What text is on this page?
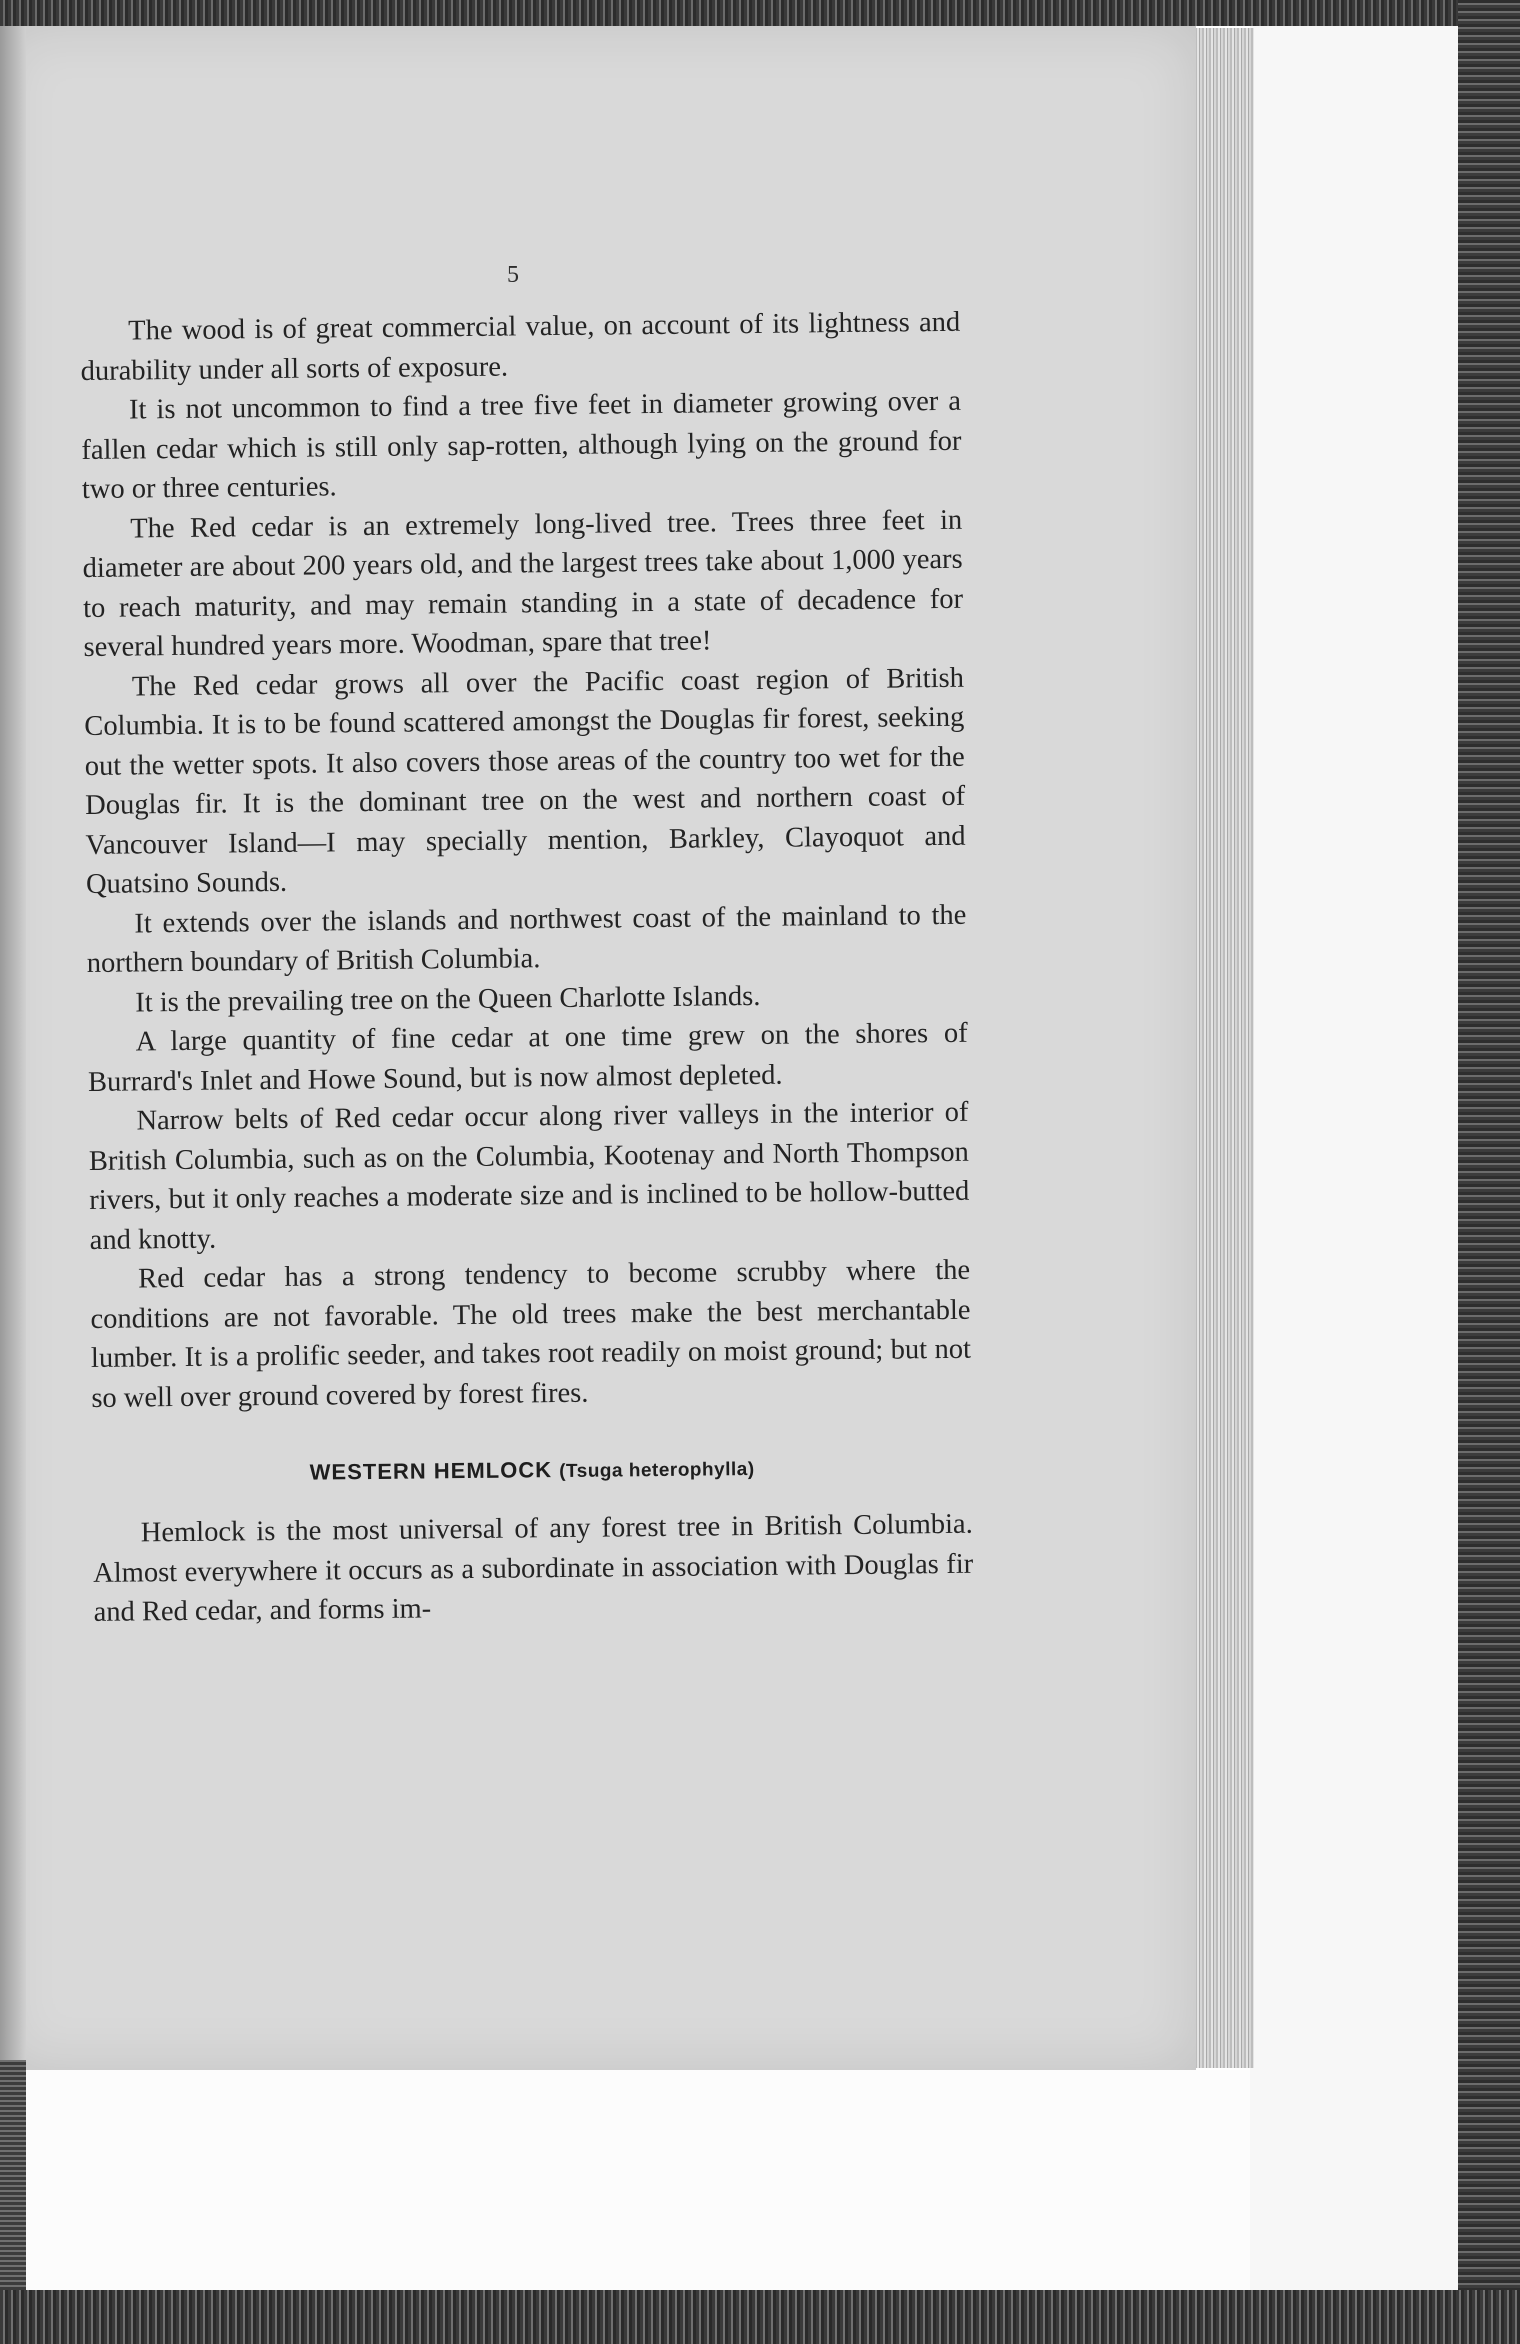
5

The wood is of great commercial value, on account of its lightness and durability under all sorts of exposure.

It is not uncommon to find a tree five feet in diameter growing over a fallen cedar which is still only sap-rotten, although lying on the ground for two or three centuries.

The Red cedar is an extremely long-lived tree. Trees three feet in diameter are about 200 years old, and the largest trees take about 1,000 years to reach maturity, and may remain standing in a state of decadence for several hundred years more. Woodman, spare that tree!

The Red cedar grows all over the Pacific coast region of British Columbia. It is to be found scattered amongst the Douglas fir forest, seeking out the wetter spots. It also covers those areas of the country too wet for the Douglas fir. It is the dominant tree on the west and northern coast of Vancouver Island—I may specially mention, Barkley, Clayoquot and Quatsino Sounds.

It extends over the islands and northwest coast of the mainland to the northern boundary of British Columbia.

It is the prevailing tree on the Queen Charlotte Islands.

A large quantity of fine cedar at one time grew on the shores of Burrard's Inlet and Howe Sound, but is now almost depleted.

Narrow belts of Red cedar occur along river valleys in the interior of British Columbia, such as on the Columbia, Kootenay and North Thompson rivers, but it only reaches a moderate size and is inclined to be hollow-butted and knotty.

Red cedar has a strong tendency to become scrubby where the conditions are not favorable. The old trees make the best merchantable lumber. It is a prolific seeder, and takes root readily on moist ground; but not so well over ground covered by forest fires.

WESTERN HEMLOCK (Tsuga heterophylla)

Hemlock is the most universal of any forest tree in British Columbia. Almost everywhere it occurs as a subordinate in association with Douglas fir and Red cedar, and forms im-
